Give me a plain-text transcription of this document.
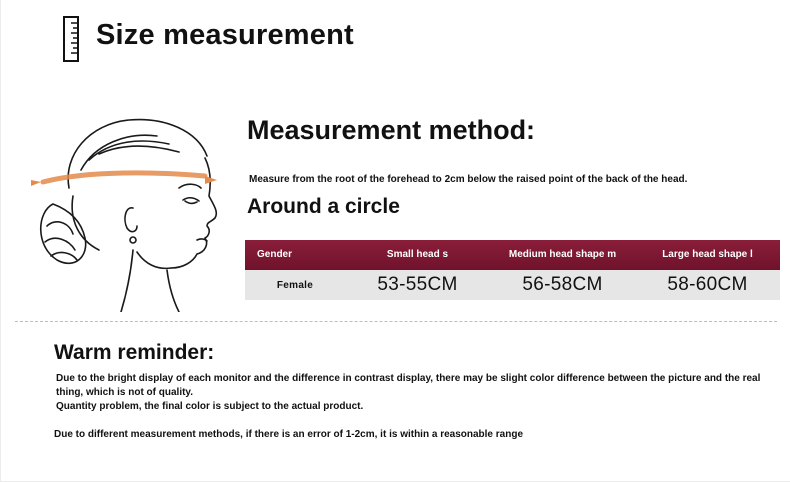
Size measurement
Measurement method:
Measure from the root of the forehead to 2cm below the raised point of the back of the head.
Around a circle
Gender	Small head s	Medium head shape m	Large head shape l
Female	53-55CM	56-58CM	58-60CM
Warm reminder:

Due to the bright display of each monitor and the difference in contrast display, there may be slight color difference between the picture and the real thing, which is not of quality.

Quantity problem, the final color is subject to the actual product.

Due to different measurement methods, if there is an error of 1-2cm, it is within a reasonable range
